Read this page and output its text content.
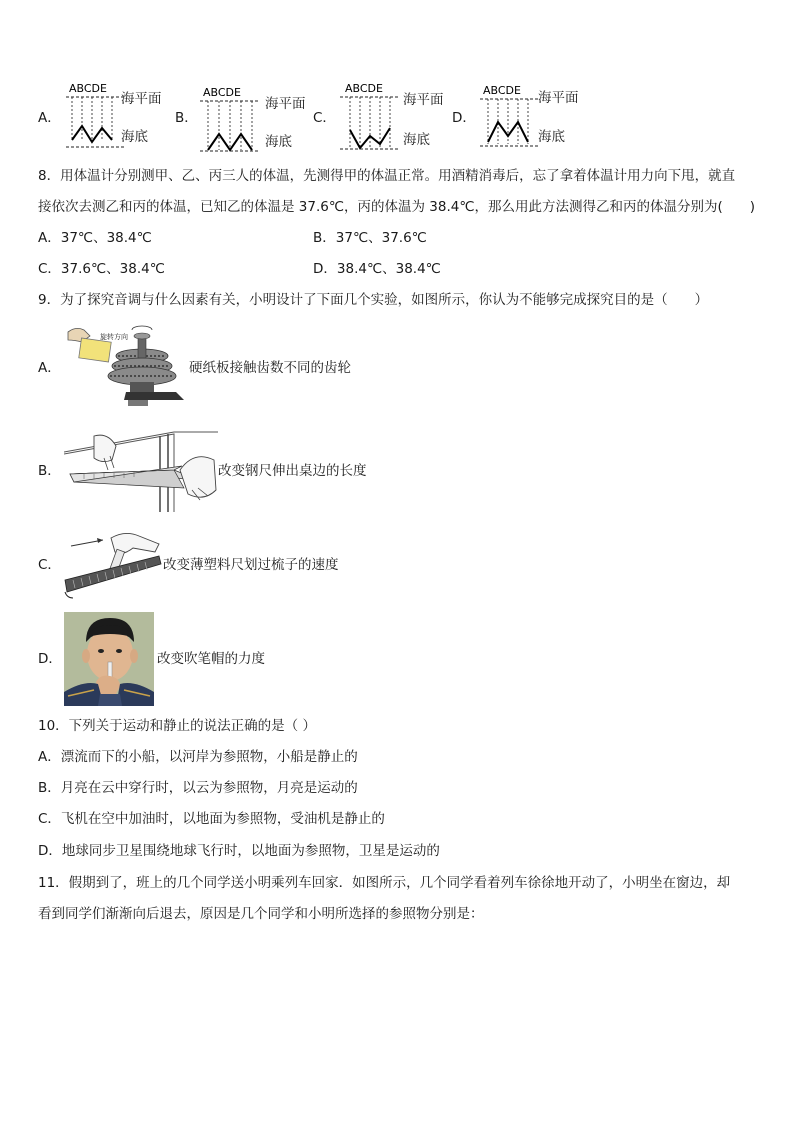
A．
ABCDE
海平面
海底
B．
ABCDE
海平面
海底
C．
ABCDE
海平面
海底
D．
ABCDE 海平面
海底
8．用体温计分别测甲、乙、丙三人的体温，先测得甲的体温正常。用酒精消毒后，忘了拿着体温计用力向下甩，就直
接依次去测乙和丙的体温，已知乙的体温是 37.6℃，丙的体温为 38.4℃，那么用此方法测得乙和丙的体温分别为(　　)
A．37℃、38.4℃	B．37℃、37.6℃
C．37.6℃、38.4℃	D．38.4℃、38.4℃
9．为了探究音调与什么因素有关，小明设计了下面几个实验，如图所示，你认为不能够完成探究目的是（　　）
A．
旋转方向
硬纸板接触齿数不同的齿轮
B．	改变钢尺伸出桌边的长度
C．	改变薄塑料尺划过梳子的速度
D．	改变吹笔帽的力度
10．下列关于运动和静止的说法正确的是（ ）
A．漂流而下的小船，以河岸为参照物，小船是静止的
B．月亮在云中穿行时，以云为参照物，月亮是运动的
C．飞机在空中加油时，以地面为参照物，受油机是静止的
D．地球同步卫星围绕地球飞行时，以地面为参照物，卫星是运动的
11．假期到了，班上的几个同学送小明乘列车回家．如图所示，几个同学看着列车徐徐地开动了，小明坐在窗边，却
看到同学们渐渐向后退去，原因是几个同学和小明所选择的参照物分别是：
